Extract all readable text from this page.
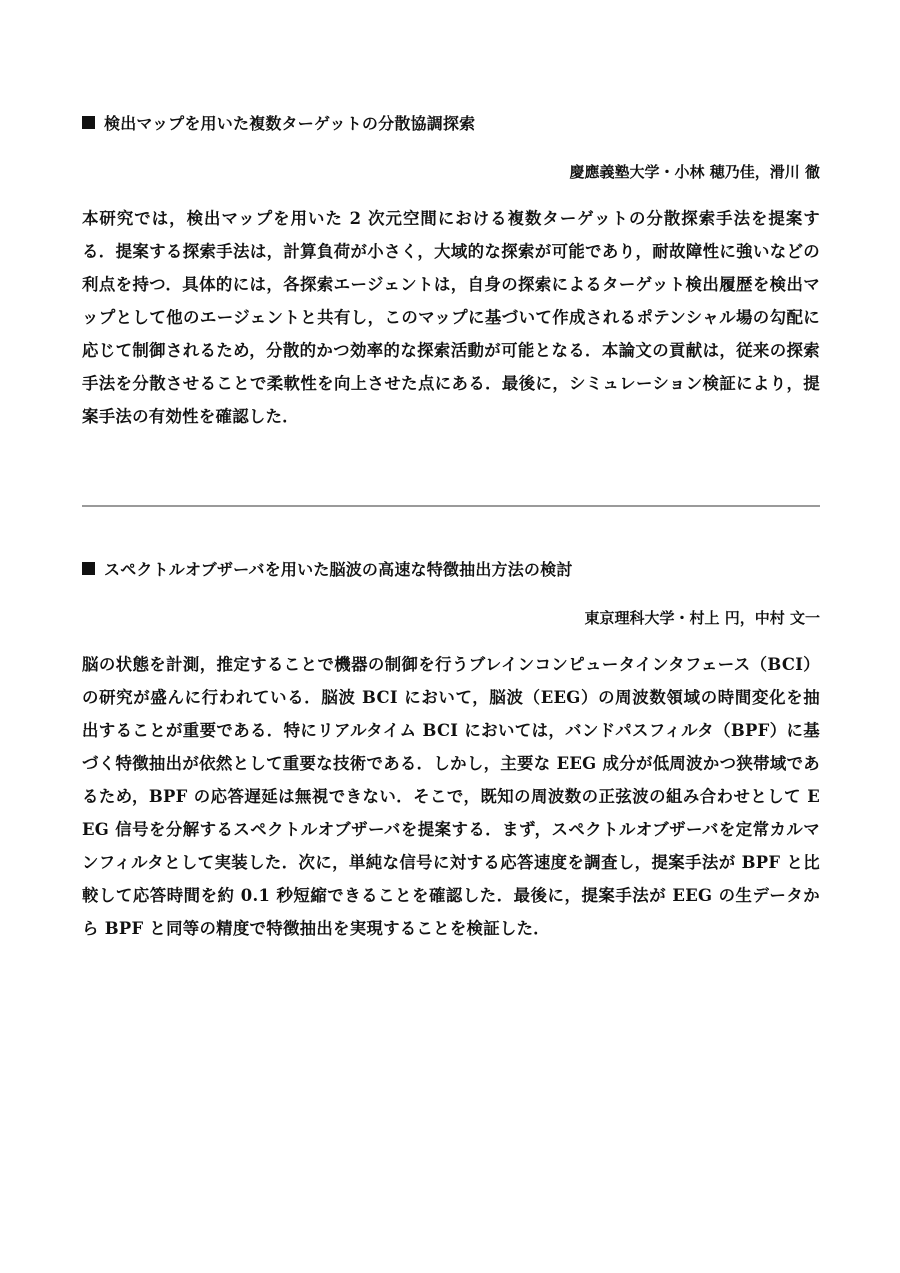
検出マップを用いた複数ターゲットの分散協調探索
慶應義塾大学・小林 穂乃佳，滑川 徹

本研究では，検出マップを用いた 2 次元空間における複数ターゲットの分散探索手法を提案する．提案する探索手法は，計算負荷が小さく，大域的な探索が可能であり，耐故障性に強いなどの利点を持つ．具体的には，各探索エージェントは，自身の探索によるターゲット検出履歴を検出マップとして他のエージェントと共有し，このマップに基づいて作成されるポテンシャル場の勾配に応じて制御されるため，分散的かつ効率的な探索活動が可能となる．本論文の貢献は，従来の探索手法を分散させることで柔軟性を向上させた点にある．最後に，シミュレーション検証により，提案手法の有効性を確認した．

スペクトルオブザーバを用いた脳波の高速な特徴抽出方法の検討
東京理科大学・村上 円，中村 文一

脳の状態を計測，推定することで機器の制御を行うブレインコンピュータインタフェース（BCI）の研究が盛んに行われている．脳波 BCI において，脳波（EEG）の周波数領域の時間変化を抽出することが重要である．特にリアルタイム BCI においては，バンドパスフィルタ（BPF）に基づく特徴抽出が依然として重要な技術である．しかし，主要な EEG 成分が低周波かつ狭帯域であるため，BPF の応答遅延は無視できない．そこで，既知の周波数の正弦波の組み合わせとして EEG 信号を分解するスペクトルオブザーバを提案する．まず，スペクトルオブザーバを定常カルマンフィルタとして実装した．次に，単純な信号に対する応答速度を調査し，提案手法が BPF と比較して応答時間を約 0.1 秒短縮できることを確認した．最後に，提案手法が EEG の生データから BPF と同等の精度で特徴抽出を実現することを検証した．
